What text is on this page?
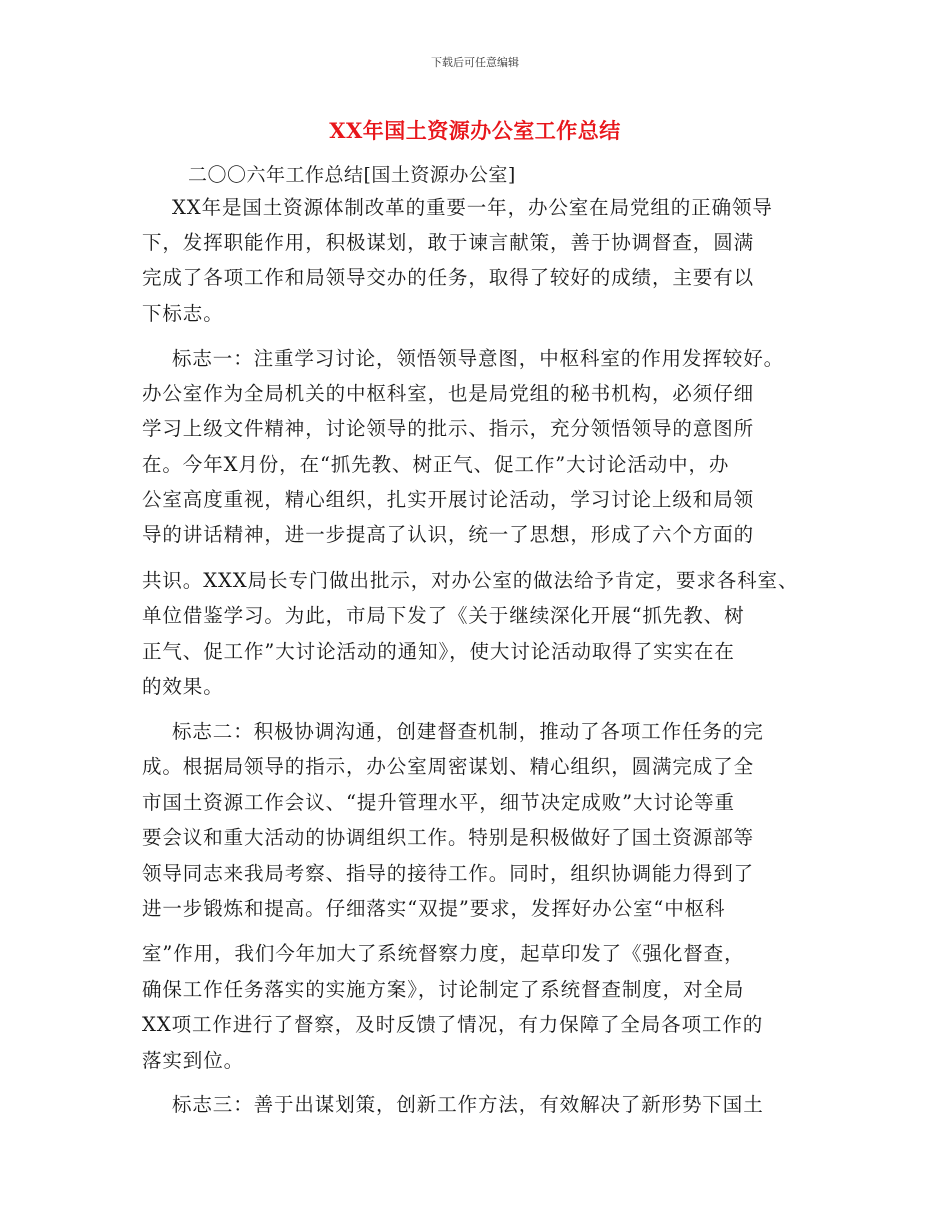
下载后可任意编辑
XX年国土资源办公室工作总结
二〇〇六年工作总结[国土资源办公室]
XX年是国土资源体制改革的重要一年，办公室在局党组的正确领导
下，发挥职能作用，积极谋划，敢于谏言献策，善于协调督查，圆满
完成了各项工作和局领导交办的任务，取得了较好的成绩，主要有以
下标志。
标志一：注重学习讨论，领悟领导意图，中枢科室的作用发挥较好。
办公室作为全局机关的中枢科室，也是局党组的秘书机构，必须仔细
学习上级文件精神，讨论领导的批示、指示，充分领悟领导的意图所
在。今年X月份，在“抓先教、树正气、促工作”大讨论活动中，办
公室高度重视，精心组织，扎实开展讨论活动，学习讨论上级和局领
导的讲话精神，进一步提高了认识，统一了思想，形成了六个方面的
共识。XXX局长专门做出批示，对办公室的做法给予肯定，要求各科室、
单位借鉴学习。为此，市局下发了《关于继续深化开展“抓先教、树
正气、促工作”大讨论活动的通知》，使大讨论活动取得了实实在在
的效果。
标志二：积极协调沟通，创建督查机制，推动了各项工作任务的完
成。根据局领导的指示，办公室周密谋划、精心组织，圆满完成了全
市国土资源工作会议、“提升管理水平，细节决定成败”大讨论等重
要会议和重大活动的协调组织工作。特别是积极做好了国土资源部等
领导同志来我局考察、指导的接待工作。同时，组织协调能力得到了
进一步锻炼和提高。仔细落实“双提”要求，发挥好办公室“中枢科
室”作用，我们今年加大了系统督察力度，起草印发了《强化督查，
确保工作任务落实的实施方案》，讨论制定了系统督查制度，对全局
XX项工作进行了督察，及时反馈了情况，有力保障了全局各项工作的
落实到位。
标志三：善于出谋划策，创新工作方法，有效解决了新形势下国土
